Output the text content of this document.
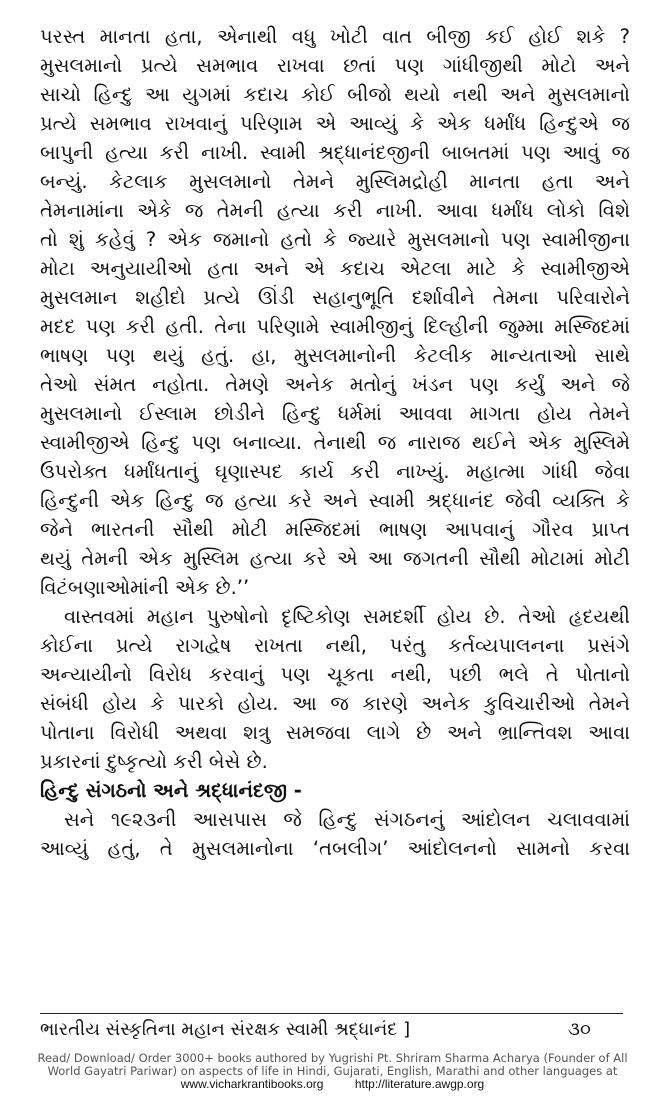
પરસ્ત માનતા હતા, એનાથી વધુ ખોટી વાત બીજી કઈ હોઈ શકે ?
મુસલમાનો પ્રત્યે સમભાવ રાખવા છતાં પણ ગાંધીજીથી મોટો અને
સાચો હિન્દુ આ યુગમાં કદાચ કોઈ બીજો થયો નથી અને મુસલમાનો
પ્રત્યે સમભાવ રાખવાનું પરિણામ એ આવ્યું કે એક ધર્માંધ હિન્દુએ જ
બાપુની હત્યા કરી નાખી. સ્વામી શ્રદ્ધાનંદજીની બાબતમાં પણ આવું જ
બન્યું. કેટલાક મુસલમાનો તેમને મુસ્લિમદ્રોહી માનતા હતા અને
તેમનામાંના એકે જ તેમની હત્યા કરી નાખી. આવા ધર્માંધ લોકો વિશે
તો શું કહેવું ? એક જમાનો હતો કે જ્યારે મુસલમાનો પણ સ્વામીજીના
મોટા અનુયાયીઓ હતા અને એ કદાચ એટલા માટે કે સ્વામીજીએ
મુસલમાન શહીદો પ્રત્યે ઊંડી સહાનુભૂતિ દર્શાવીને તેમના પરિવારોને
મદદ પણ કરી હતી. તેના પરિણામે સ્વામીજીનું દિલ્હીની જુમ્મા મસ્જિદમાં
ભાષણ પણ થયું હતું. હા, મુસલમાનોની કેટલીક માન્યતાઓ સાથે
તેઓ સંમત નહોતા. તેમણે અનેક મતોનું ખંડન પણ કર્યું અને જે
મુસલમાનો ઈસ્લામ છોડીને હિન્દુ ધર્મમાં આવવા માગતા હોય તેમને
સ્વામીજીએ હિન્દુ પણ બનાવ્યા. તેનાથી જ નારાજ થઈને એક મુસ્લિમે
ઉપરોક્ત ધર્માંધતાનું ઘૃણાસ્પદ કાર્ય કરી નાખ્યું. મહાત્મા ગાંધી જેવા
હિન્દુની એક હિન્દુ જ હત્યા કરે અને સ્વામી શ્રદ્ધાનંદ જેવી વ્યક્તિ કે
જેને ભારતની સૌથી મોટી મસ્જિદમાં ભાષણ આપવાનું ગૌરવ પ્રાપ્ત
થયું તેમની એક મુસ્લિમ હત્યા કરે એ આ જગતની સૌથી મોટામાં મોટી
વિટંબણાઓમાંની એક છે.’’
વાસ્તવમાં મહાન પુરુષોનો દૃષ્ટિકોણ સમદર્શી હોય છે. તેઓ હૃદયથી
કોઈના પ્રત્યે રાગદ્વેષ રાખતા નથી, પરંતુ કર્તવ્યપાલનના પ્રસંગે
અન્યાયીનો વિરોધ કરવાનું પણ ચૂકતા નથી, પછી ભલે તે પોતાનો
સંબંધી હોય કે પારકો હોય. આ જ કારણે અનેક કુવિચારીઓ તેમને
પોતાના વિરોધી અથવા શત્રુ સમજવા લાગે છે અને ભ્રાન્તિવશ આવા
પ્રકારનાં દુષ્કૃત્યો કરી બેસે છે.
હિન્દુ સંગઠનો અને શ્રદ્ધાનંદજી -
સને ૧૯૨૩ની આસપાસ જે હિન્દુ સંગઠનનું આંદોલન ચલાવવામાં
આવ્યું હતું, તે મુસલમાનોના ‘તબલીગ’ આંદોલનનો સામનો કરવા
ભારતીય સંસ્કૃતિના મહાન સંરક્ષક સ્વામી શ્રદ્ધાનંદ ]	૩૦
Read/ Download/ Order 3000+ books authored by Yugrishi Pt. Shriram Sharma Acharya (Founder of All
World Gayatri Pariwar) on aspects of life in Hindi, Gujarati, English, Marathi and other languages at
www.vicharkrantibooks.org	http://literature.awgp.org
